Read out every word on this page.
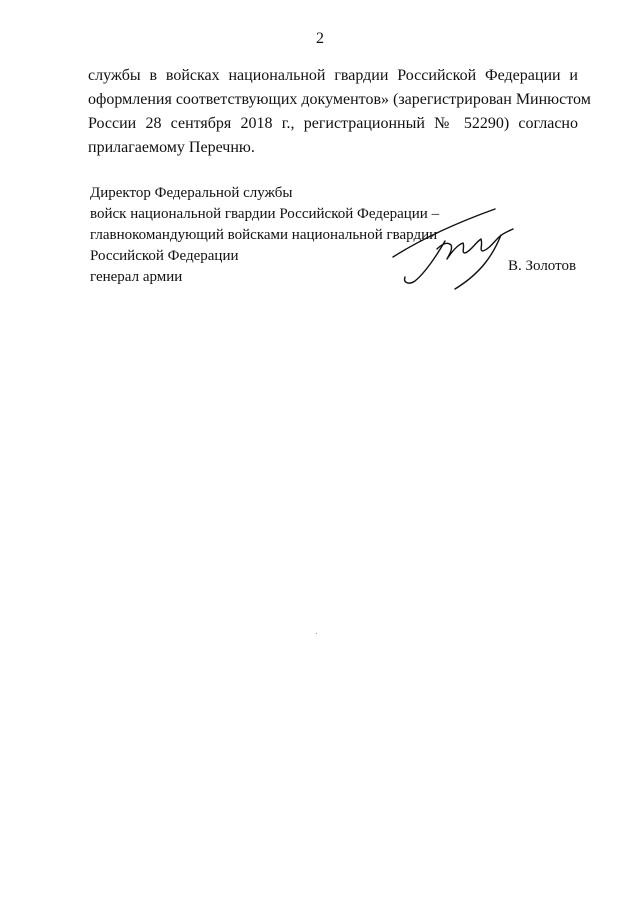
2
службы в войсках национальной гвардии Российской Федерации и
оформления соответствующих документов» (зарегистрирован Минюстом
России 28 сентября 2018 г., регистрационный № 52290) согласно
прилагаемому Перечню.
Директор Федеральной службы
войск национальной гвардии Российской Федерации –
главнокомандующий войсками национальной гвардии
Российской Федерации
генерал армии
В. Золотов
